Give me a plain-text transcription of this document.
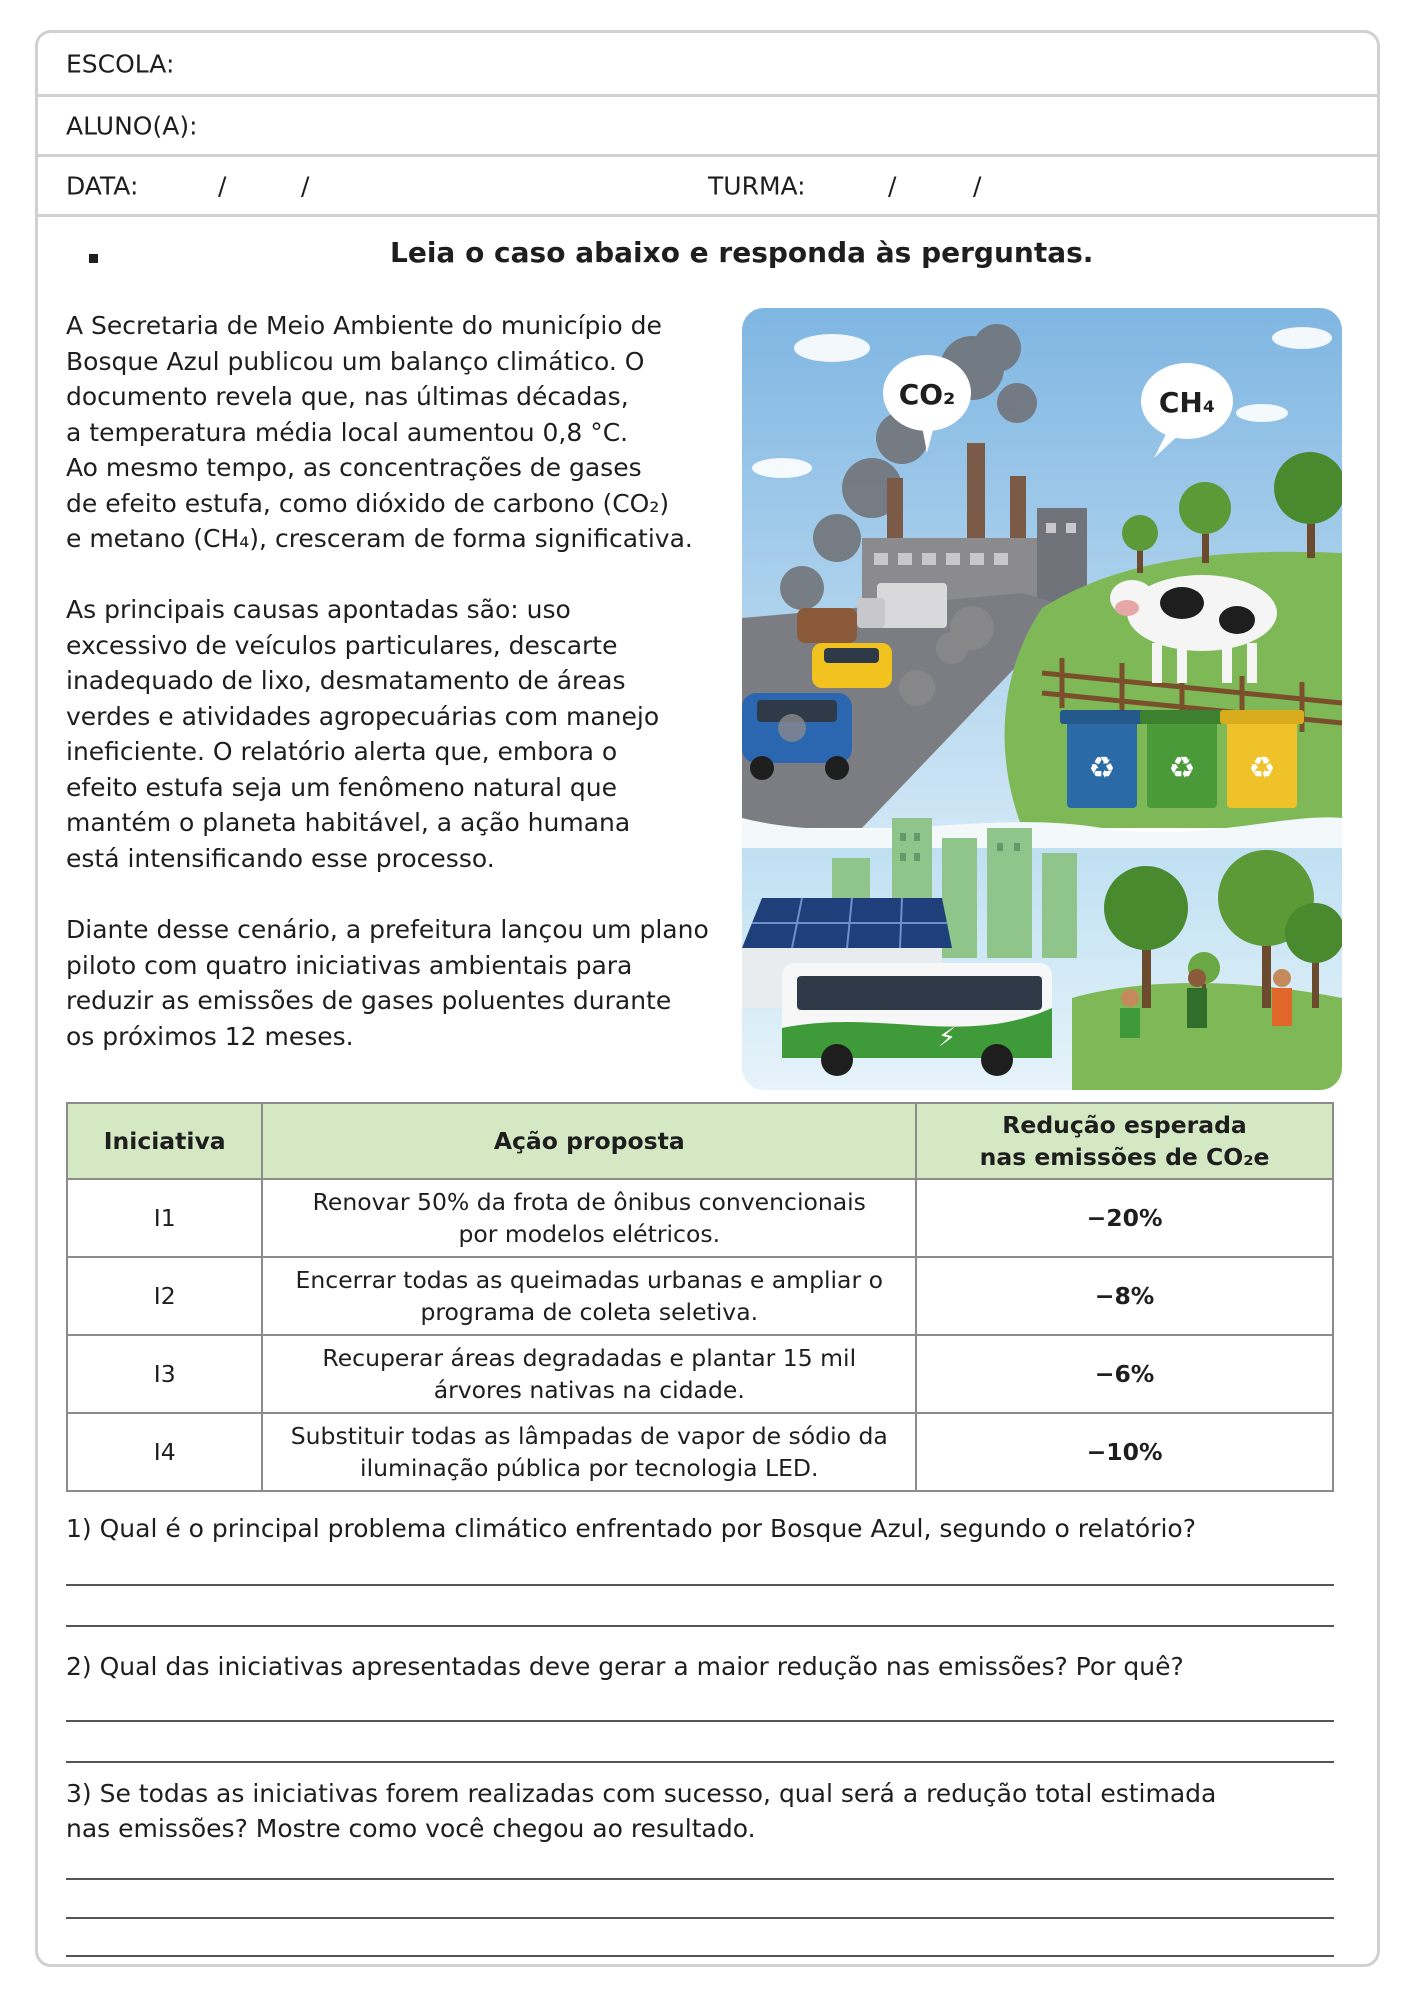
ESCOLA:
ALUNO(A):
DATA:	/	/	TURMA:	/	/
Leia o caso abaixo e responda às perguntas.
A Secretaria de Meio Ambiente do município de
Bosque Azul publicou um balanço climático. O
documento revela que, nas últimas décadas,
a temperatura média local aumentou 0,8 °C.
Ao mesmo tempo, as concentrações de gases
de efeito estufa, como dióxido de carbono (CO₂)
e metano (CH₄), cresceram de forma significativa.
As principais causas apontadas são: uso
excessivo de veículos particulares, descarte
inadequado de lixo, desmatamento de áreas
verdes e atividades agropecuárias com manejo
ineficiente. O relatório alerta que, embora o
efeito estufa seja um fenômeno natural que
mantém o planeta habitável, a ação humana
está intensificando esse processo.
Diante desse cenário, a prefeitura lançou um plano
piloto com quatro iniciativas ambientais para
reduzir as emissões de gases poluentes durante
os próximos 12 meses.
CO₂	CH₄
♻ ♻ ♻
⚡
Iniciativa	Ação proposta	Redução esperada nas emissões de CO₂e

I1	Renovar 50% da frota de ônibus convencionais por modelos elétricos.	−20%
I2	Encerrar todas as queimadas urbanas e ampliar o programa de coleta seletiva.	−8%
I3	Recuperar áreas degradadas e plantar 15 mil árvores nativas na cidade.	−6%
I4	Substituir todas as lâmpadas de vapor de sódio da iluminação pública por tecnologia LED.	−10%
1) Qual é o principal problema climático enfrentado por Bosque Azul, segundo o relatório?
2) Qual das iniciativas apresentadas deve gerar a maior redução nas emissões? Por quê?
3) Se todas as iniciativas forem realizadas com sucesso, qual será a redução total estimada
nas emissões? Mostre como você chegou ao resultado.
